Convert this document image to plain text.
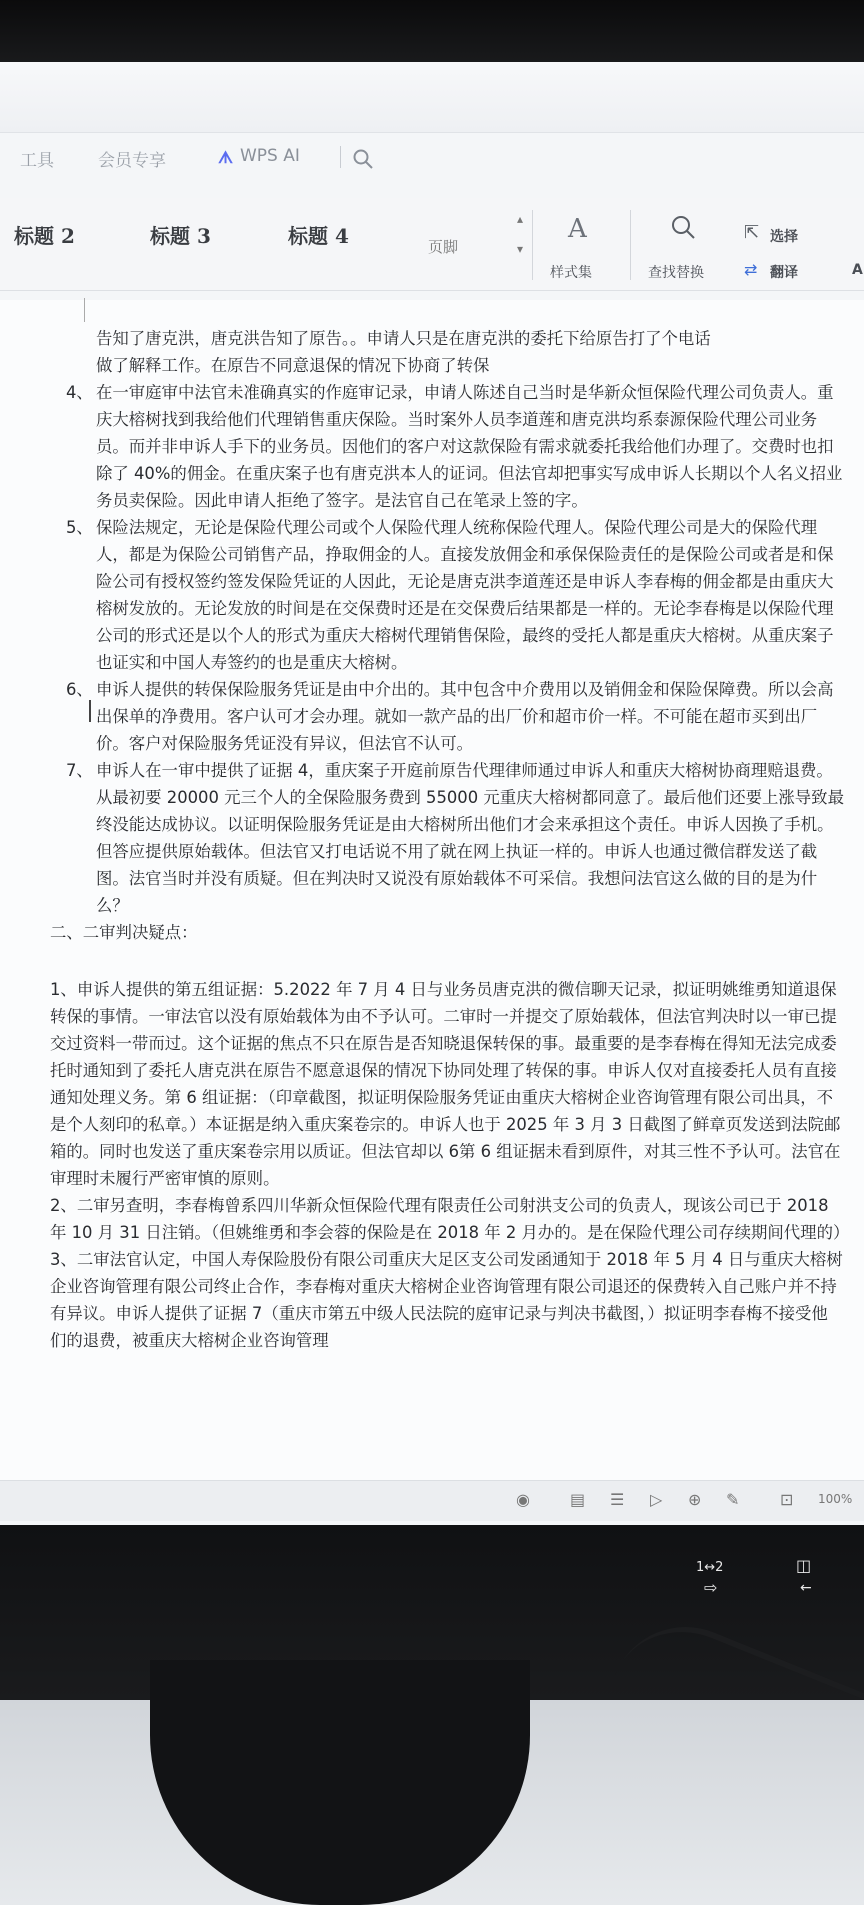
工具	会员专享	ᗑ WPS AI
标题 2	标题 3	标题 4	页脚
▴
▾
A
样式集	查找替换
⇱ 选择
⇄ 翻译	A

告知了唐克洪，唐克洪告知了原告。。申请人只是在唐克洪的委托下给原告打了个电话

做了解释工作。在原告不同意退保的情况下协商了转保

4、 在一审庭审中法官未准确真实的作庭审记录，申请人陈述自己当时是华新众恒保险代理公司负责人。重庆大榕树找到我给他们代理销售重庆保险。当时案外人员李道莲和唐克洪均系泰源保险代理公司业务员。而并非申诉人手下的业务员。因他们的客户对这款保险有需求就委托我给他们办理了。交费时也扣除了 40%的佣金。在重庆案子也有唐克洪本人的证词。但法官却把事实写成申诉人长期以个人名义招业务员卖保险。因此申请人拒绝了签字。是法官自己在笔录上签的字。
5、 保险法规定，无论是保险代理公司或个人保险代理人统称保险代理人。保险代理公司是大的保险代理人，都是为保险公司销售产品，挣取佣金的人。直接发放佣金和承保保险责任的是保险公司或者是和保险公司有授权签约签发保险凭证的人因此，无论是唐克洪李道莲还是申诉人李春梅的佣金都是由重庆大榕树发放的。无论发放的时间是在交保费时还是在交保费后结果都是一样的。无论李春梅是以保险代理公司的形式还是以个人的形式为重庆大榕树代理销售保险，最终的受托人都是重庆大榕树。从重庆案子也证实和中国人寿签约的也是重庆大榕树。
6、 申诉人提供的转保保险服务凭证是由中介出的。其中包含中介费用以及销佣金和保险保障费。所以会高出保单的净费用。客户认可才会办理。就如一款产品的出厂价和超市价一样。不可能在超市买到出厂价。客户对保险服务凭证没有异议，但法官不认可。
7、 申诉人在一审中提供了证据 4，重庆案子开庭前原告代理律师通过申诉人和重庆大榕树协商理赔退费。从最初要 20000 元三个人的全保险服务费到 55000 元重庆大榕树都同意了。最后他们还要上涨导致最终没能达成协议。以证明保险服务凭证是由大榕树所出他们才会来承担这个责任。申诉人因换了手机。但答应提供原始载体。但法官又打电话说不用了就在网上执证一样的。申诉人也通过微信群发送了截图。法官当时并没有质疑。但在判决时又说没有原始载体不可采信。我想问法官这么做的目的是为什么？

二、二审判决疑点：

1、申诉人提供的第五组证据：5.2022 年 7 月 4 日与业务员唐克洪的微信聊天记录，拟证明姚维勇知道退保转保的事情。一审法官以没有原始载体为由不予认可。二审时一并提交了原始载体，但法官判决时以一审已提交过资料一带而过。这个证据的焦点不只在原告是否知晓退保转保的事。最重要的是李春梅在得知无法完成委托时通知到了委托人唐克洪在原告不愿意退保的情况下协同处理了转保的事。申诉人仅对直接委托人员有直接通知处理义务。第 6 组证据：（印章截图，拟证明保险服务凭证由重庆大榕树企业咨询管理有限公司出具，不是个人刻印的私章。）本证据是纳入重庆案卷宗的。申诉人也于 2025 年 3 月 3 日截图了鲜章页发送到法院邮箱的。同时也发送了重庆案卷宗用以质证。但法官却以 6第 6 组证据未看到原件，对其三性不予认可。法官在审理时未履行严密审慎的原则。

2、二审另查明，李春梅曾系四川华新众恒保险代理有限责任公司射洪支公司的负责人，现该公司已于 2018 年 10 月 31 日注销。（但姚维勇和李会蓉的保险是在 2018 年 2 月办的。是在保险代理公司存续期间代理的）

3、二审法官认定，中国人寿保险股份有限公司重庆大足区支公司发函通知于 2018 年 5 月 4 日与重庆大榕树企业咨询管理有限公司终止合作，李春梅对重庆大榕树企业咨询管理有限公司退还的保费转入自己账户并不持有异议。申诉人提供了证据 7（重庆市第五中级人民法院的庭审记录与判决书截图，）拟证明李春梅不接受他们的退费，被重庆大榕树企业咨询管理

◉	▤ ☰ ▷ ⊕ ✎	⊡ 100%
1↔2
⇨
◫
←
